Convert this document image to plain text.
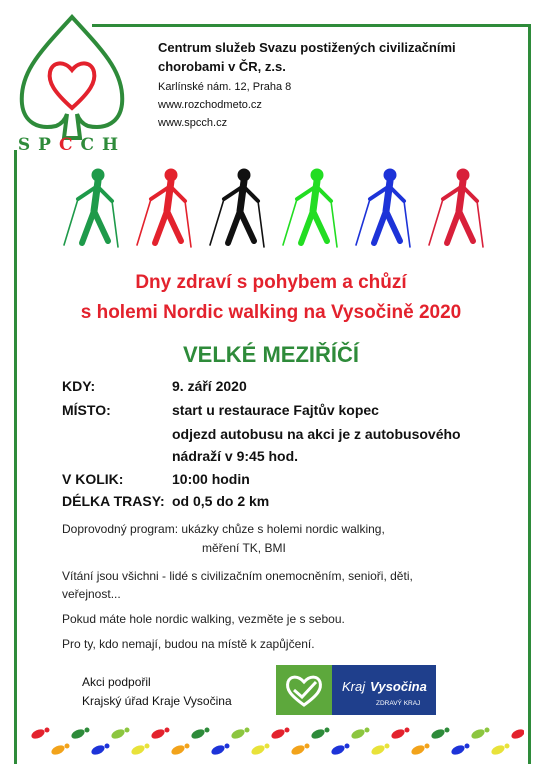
SPCCH
Centrum služeb Svazu postižených civilizačními
chorobami v ČR, z.s.
Karlínské nám. 12, Praha 8
www.rozchodmeto.cz
www.spcch.cz
Dny zdraví s pohybem a chůzí
s holemi Nordic walking na Vysočině 2020
VELKÉ MEZIŘÍČÍ
KDY:	9. září 2020
MÍSTO:	start u restaurace Fajtův kopec
odjezd autobusu na akci je z autobusového
nádraží v 9:45 hod.
V KOLIK:	10:00 hodin
DÉLKA TRASY: od 0,5 do 2 km
Doprovodný program: ukázky chůze s holemi nordic walking,
měření TK, BMI
Vítání jsou všichni - lidé s civilizačním onemocněním, senioři, děti,
veřejnost...
Pokud máte hole nordic walking, vezměte je s sebou.
Pro ty, kdo nemají, budou na místě k zapůjčení.
Akci podpořil
Krajský úřad Kraje Vysočina
Kraj Vysočina
ZDRAVÝ KRAJ
